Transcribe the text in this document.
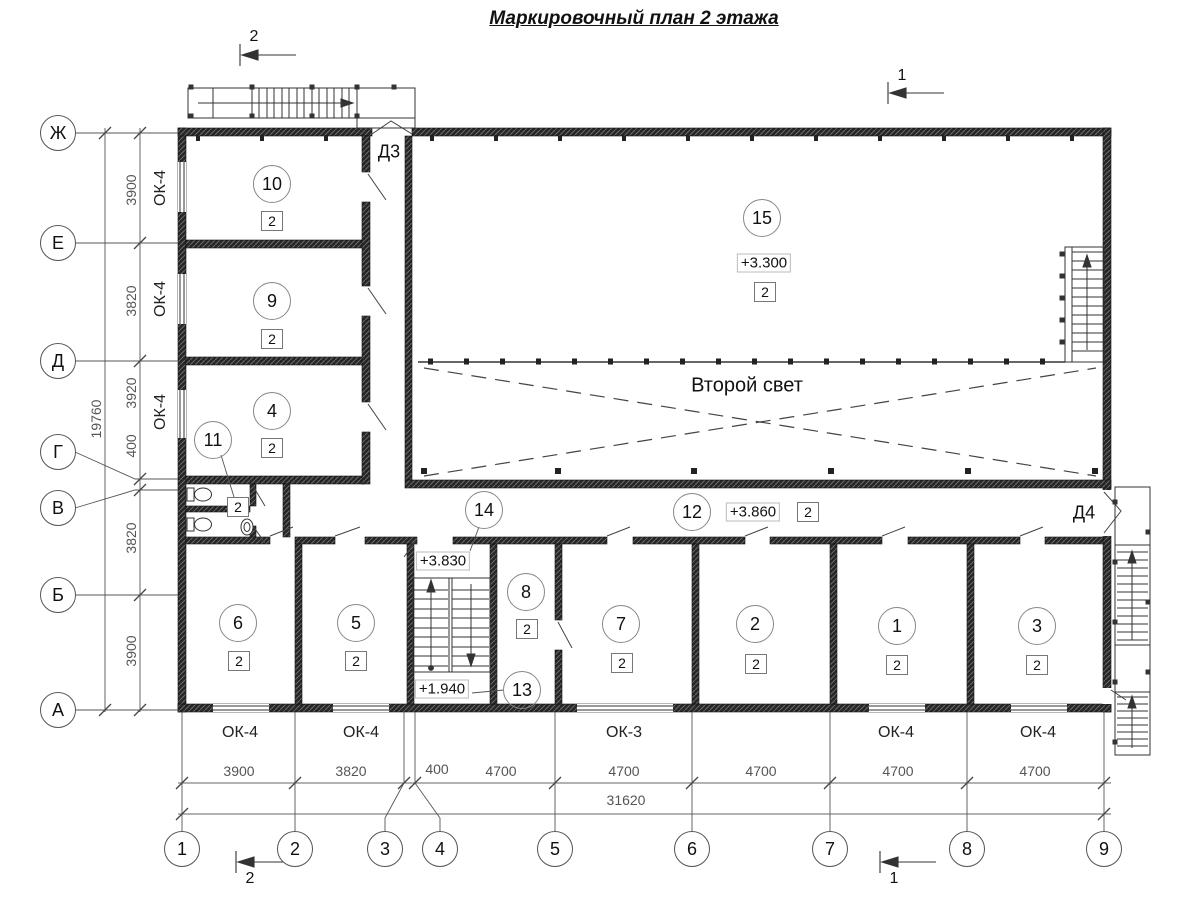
Маркировочный план 2 этажа
Ж
Е
Д
Г
В
Б
А
1	2	3	4	5	6	7	8	9
3900
3820
3920
400
3820
3900
19760
3900	3820	400	4700	4700	4700	4700	4700
31620
ОК-4
ОК-4
ОК-4
ОК-4	ОК-4	ОК-3	ОК-4	ОК-4
Д3
Д4
Второй свет
10
9
4
11
15
14	12
13
6	5
8
7	2	1	3
2
2
2
2
2
2
2	2
2
2	2	2	2
+3.300
+3.860
+3.830
+1.940
2
1
2	1
